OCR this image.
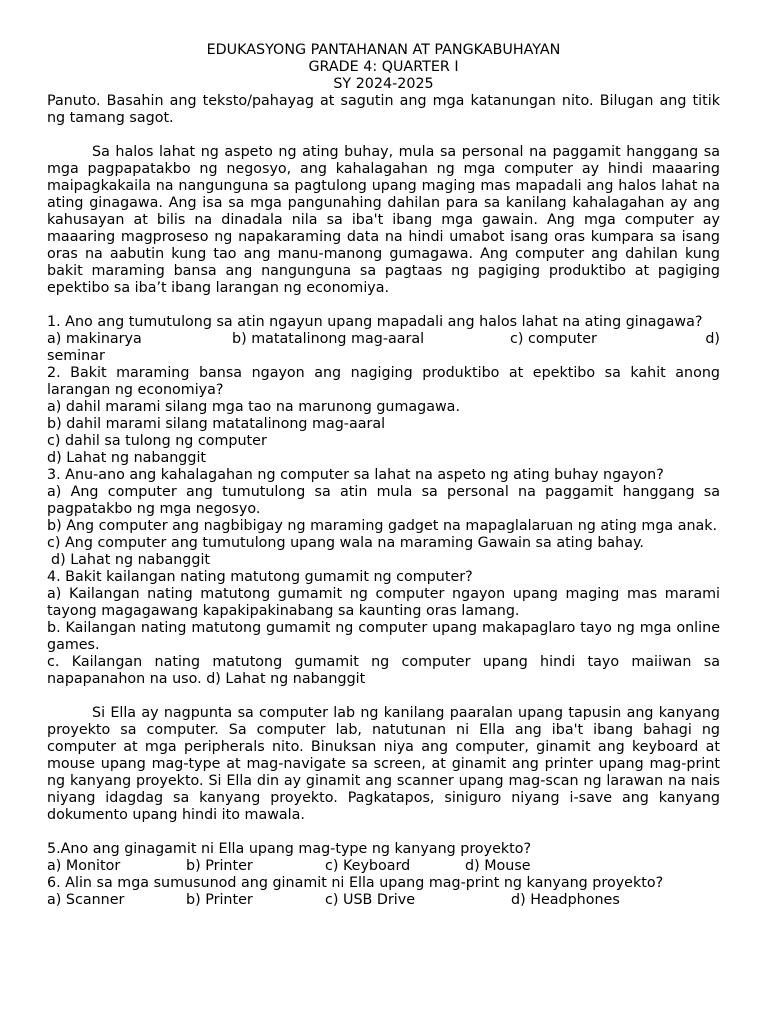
EDUKASYONG PANTAHANAN AT PANGKABUHAYAN
GRADE 4: QUARTER I
SY 2024-2025
Panuto. Basahin ang teksto/pahayag at sagutin ang mga katanungan nito. Bilugan ang titik ng tamang sagot.
Sa halos lahat ng aspeto ng ating buhay, mula sa personal na paggamit hanggang sa mga pagpapatakbo ng negosyo, ang kahalagahan ng mga computer ay hindi maaaring maipagkakaila na nangunguna sa pagtulong upang maging mas mapadali ang halos lahat na ating ginagawa. Ang isa sa mga pangunahing dahilan para sa kanilang kahalagahan ay ang kahusayan at bilis na dinadala nila sa iba't ibang mga gawain. Ang mga computer ay maaaring magproseso ng napakaraming data na hindi umabot isang oras kumpara sa isang oras na aabutin kung tao ang manu-manong gumagawa. Ang computer ang dahilan kung bakit maraming bansa ang nangunguna sa pagtaas ng pagiging produktibo at pagiging epektibo sa iba’t ibang larangan ng economiya.
1. Ano ang tumutulong sa atin ngayun upang mapadali ang halos lahat na ating ginagawa?
a) makinarya	b) matatalinong mag-aaral	c) computer	d)
seminar
2. Bakit maraming bansa ngayon ang nagiging produktibo at epektibo sa kahit anong larangan ng economiya?
a) dahil marami silang mga tao na marunong gumagawa.
b) dahil marami silang matatalinong mag-aaral
c) dahil sa tulong ng computer
d) Lahat ng nabanggit
3. Anu-ano ang kahalagahan ng computer sa lahat na aspeto ng ating buhay ngayon?
a) Ang computer ang tumutulong sa atin mula sa personal na paggamit hanggang sa pagpatakbo ng mga negosyo.
b) Ang computer ang nagbibigay ng maraming gadget na mapaglalaruan ng ating mga anak.
c) Ang computer ang tumutulong upang wala na maraming Gawain sa ating bahay.
d) Lahat ng nabanggit
4. Bakit kailangan nating matutong gumamit ng computer?
a) Kailangan nating matutong gumamit ng computer ngayon upang maging mas marami tayong magagawang kapakipakinabang sa kaunting oras lamang.
b. Kailangan nating matutong gumamit ng computer upang makapaglaro tayo ng mga online games.
c. Kailangan nating matutong gumamit ng computer upang hindi tayo maiiwan sa napapanahon na uso. d) Lahat ng nabanggit
Si Ella ay nagpunta sa computer lab ng kanilang paaralan upang tapusin ang kanyang proyekto sa computer. Sa computer lab, natutunan ni Ella ang iba't ibang bahagi ng computer at mga peripherals nito. Binuksan niya ang computer, ginamit ang keyboard at mouse upang mag-type at mag-navigate sa screen, at ginamit ang printer upang mag-print ng kanyang proyekto. Si Ella din ay ginamit ang scanner upang mag-scan ng larawan na nais niyang idagdag sa kanyang proyekto. Pagkatapos, siniguro niyang i-save ang kanyang dokumento upang hindi ito mawala.
5.Ano ang ginagamit ni Ella upang mag-type ng kanyang proyekto?
a) Monitor	b) Printer	c) Keyboard	d) Mouse
6. Alin sa mga sumusunod ang ginamit ni Ella upang mag-print ng kanyang proyekto?
a) Scanner	b) Printer	c) USB Drive	d) Headphones
